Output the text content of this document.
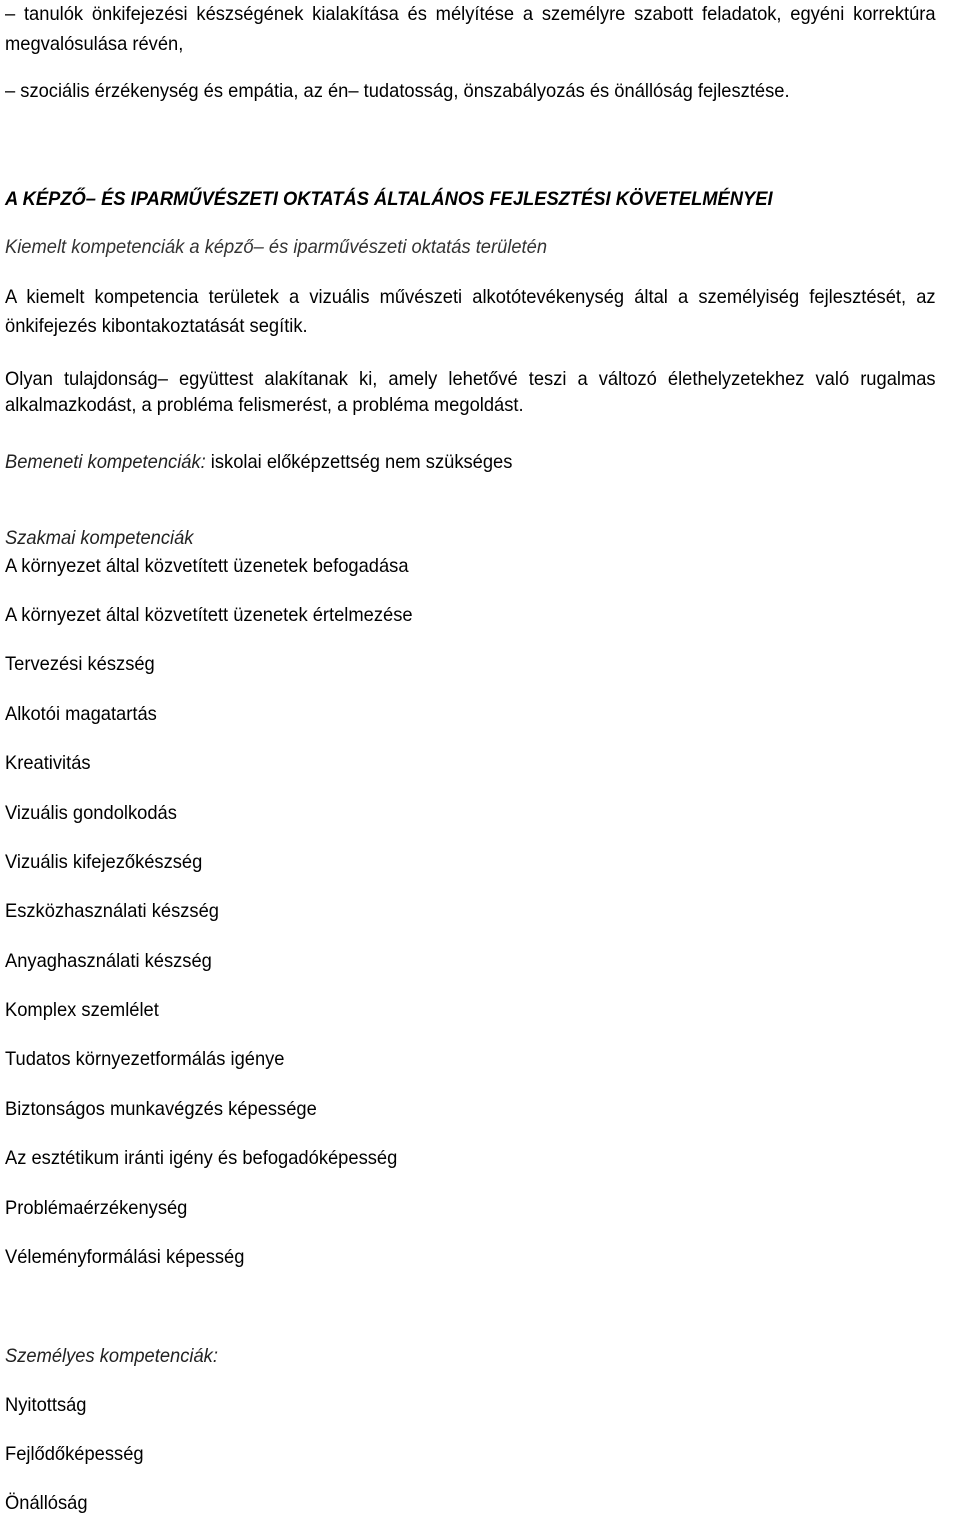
– tanulók önkifejezési készségének kialakítása és mélyítése a személyre szabott feladatok, egyéni korrektúra
megvalósulása révén,
– szociális érzékenység és empátia, az én– tudatosság, önszabályozás és önállóság fejlesztése.
A KÉPZŐ– ÉS IPARMŰVÉSZETI OKTATÁS ÁLTALÁNOS FEJLESZTÉSI KÖVETELMÉNYEI
Kiemelt kompetenciák a képző– és iparművészeti oktatás területén
A kiemelt kompetencia területek a vizuális művészeti alkotótevékenység által a személyiség fejlesztését, az
önkifejezés kibontakoztatását segítik.
Olyan tulajdonság– együttest alakítanak ki, amely lehetővé teszi a változó élethelyzetekhez való rugalmas
alkalmazkodást, a probléma felismerést, a probléma megoldást.
Bemeneti kompetenciák: iskolai előképzettség nem szükséges
Szakmai kompetenciák
A környezet által közvetített üzenetek befogadása
A környezet által közvetített üzenetek értelmezése
Tervezési készség
Alkotói magatartás
Kreativitás
Vizuális gondolkodás
Vizuális kifejezőkészség
Eszközhasználati készség
Anyaghasználati készség
Komplex szemlélet
Tudatos környezetformálás igénye
Biztonságos munkavégzés képessége
Az esztétikum iránti igény és befogadóképesség
Problémaérzékenység
Véleményformálási képesség
Személyes kompetenciák:
Nyitottság
Fejlődőképesség
Önállóság
